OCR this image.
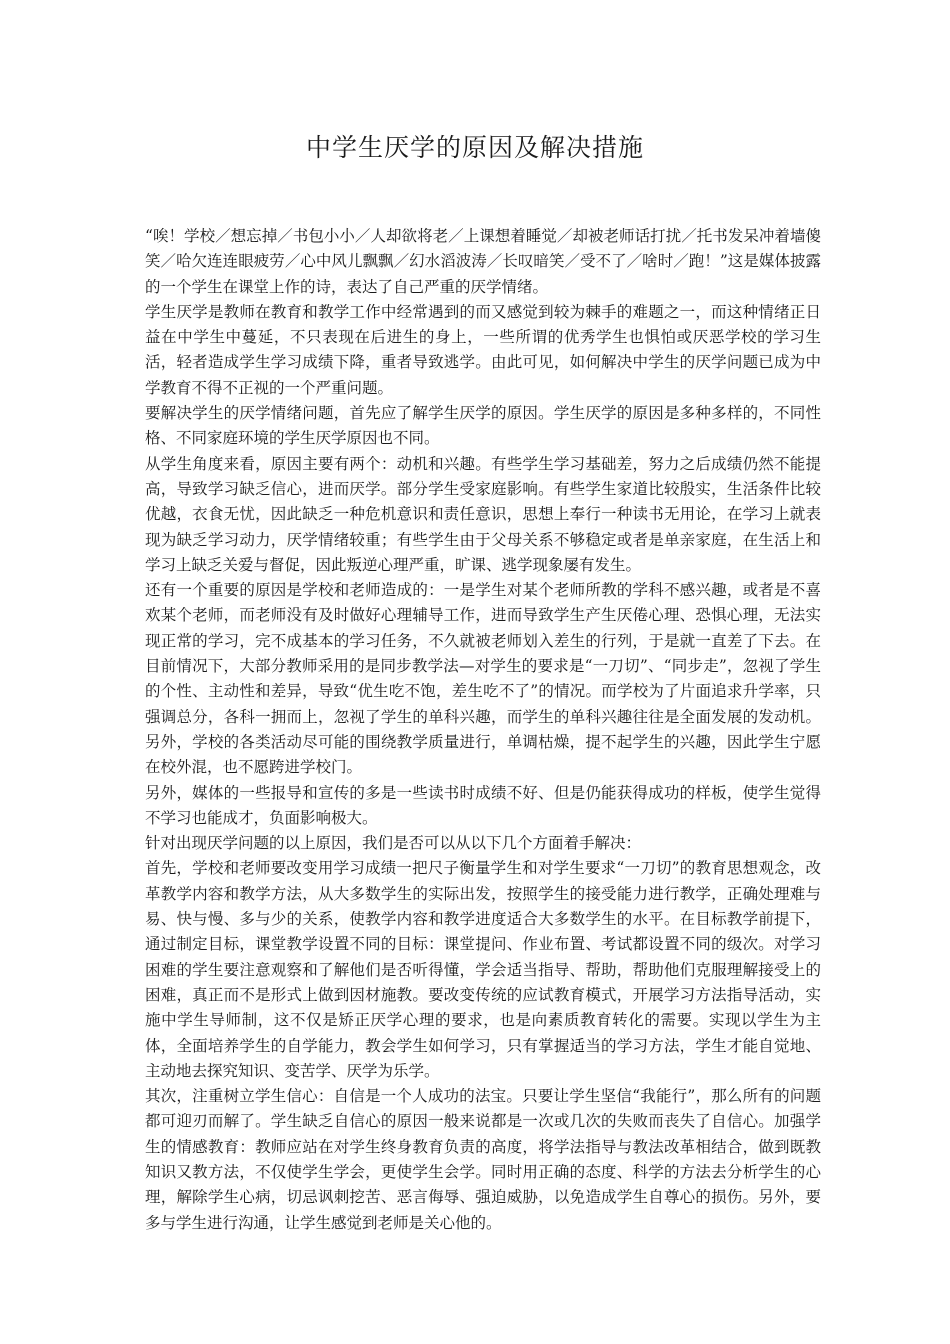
中学生厌学的原因及解决措施

“唉！学校／想忘掉／书包小小／人却欲将老／上课想着睡觉／却被老师话打扰／托书发呆冲着墙傻笑／哈欠连连眼疲劳／心中风儿飘飘／幻水滔波涛／长叹暗笑／受不了／啥时／跑！”这是媒体披露的一个学生在课堂上作的诗，表达了自己严重的厌学情绪。

学生厌学是教师在教育和教学工作中经常遇到的而又感觉到较为棘手的难题之一，而这种情绪正日益在中学生中蔓延，不只表现在后进生的身上，一些所谓的优秀学生也惧怕或厌恶学校的学习生活，轻者造成学生学习成绩下降，重者导致逃学。由此可见，如何解决中学生的厌学问题已成为中学教育不得不正视的一个严重问题。

要解决学生的厌学情绪问题，首先应了解学生厌学的原因。学生厌学的原因是多种多样的，不同性格、不同家庭环境的学生厌学原因也不同。

从学生角度来看，原因主要有两个：动机和兴趣。有些学生学习基础差，努力之后成绩仍然不能提高，导致学习缺乏信心，进而厌学。部分学生受家庭影响。有些学生家道比较殷实，生活条件比较优越，衣食无忧，因此缺乏一种危机意识和责任意识，思想上奉行一种读书无用论，在学习上就表现为缺乏学习动力，厌学情绪较重；有些学生由于父母关系不够稳定或者是单亲家庭，在生活上和学习上缺乏关爱与督促，因此叛逆心理严重，旷课、逃学现象屡有发生。

还有一个重要的原因是学校和老师造成的：一是学生对某个老师所教的学科不感兴趣，或者是不喜欢某个老师，而老师没有及时做好心理辅导工作，进而导致学生产生厌倦心理、恐惧心理，无法实现正常的学习，完不成基本的学习任务，不久就被老师划入差生的行列，于是就一直差了下去。在目前情况下，大部分教师采用的是同步教学法—对学生的要求是“一刀切”、“同步走”，忽视了学生的个性、主动性和差异，导致“优生吃不饱，差生吃不了”的情况。而学校为了片面追求升学率，只强调总分，各科一拥而上，忽视了学生的单科兴趣，而学生的单科兴趣往往是全面发展的发动机。另外，学校的各类活动尽可能的围绕教学质量进行，单调枯燥，提不起学生的兴趣，因此学生宁愿在校外混，也不愿跨进学校门。

另外，媒体的一些报导和宣传的多是一些读书时成绩不好、但是仍能获得成功的样板，使学生觉得不学习也能成才，负面影响极大。

针对出现厌学问题的以上原因，我们是否可以从以下几个方面着手解决：

首先，学校和老师要改变用学习成绩一把尺子衡量学生和对学生要求“一刀切”的教育思想观念，改革教学内容和教学方法，从大多数学生的实际出发，按照学生的接受能力进行教学，正确处理难与易、快与慢、多与少的关系，使教学内容和教学进度适合大多数学生的水平。在目标教学前提下，通过制定目标，课堂教学设置不同的目标：课堂提问、作业布置、考试都设置不同的级次。对学习困难的学生要注意观察和了解他们是否听得懂，学会适当指导、帮助，帮助他们克服理解接受上的困难，真正而不是形式上做到因材施教。要改变传统的应试教育模式，开展学习方法指导活动，实施中学生导师制，这不仅是矫正厌学心理的要求，也是向素质教育转化的需要。实现以学生为主体，全面培养学生的自学能力，教会学生如何学习，只有掌握适当的学习方法，学生才能自觉地、主动地去探究知识、变苦学、厌学为乐学。

其次，注重树立学生信心：自信是一个人成功的法宝。只要让学生坚信“我能行”，那么所有的问题都可迎刃而解了。学生缺乏自信心的原因一般来说都是一次或几次的失败而丧失了自信心。加强学生的情感教育：教师应站在对学生终身教育负责的高度，将学法指导与教法改革相结合，做到既教知识又教方法，不仅使学生学会，更使学生会学。同时用正确的态度、科学的方法去分析学生的心理，解除学生心病，切忌讽刺挖苦、恶言侮辱、强迫威胁，以免造成学生自尊心的损伤。另外，要多与学生进行沟通，让学生感觉到老师是关心他的。
